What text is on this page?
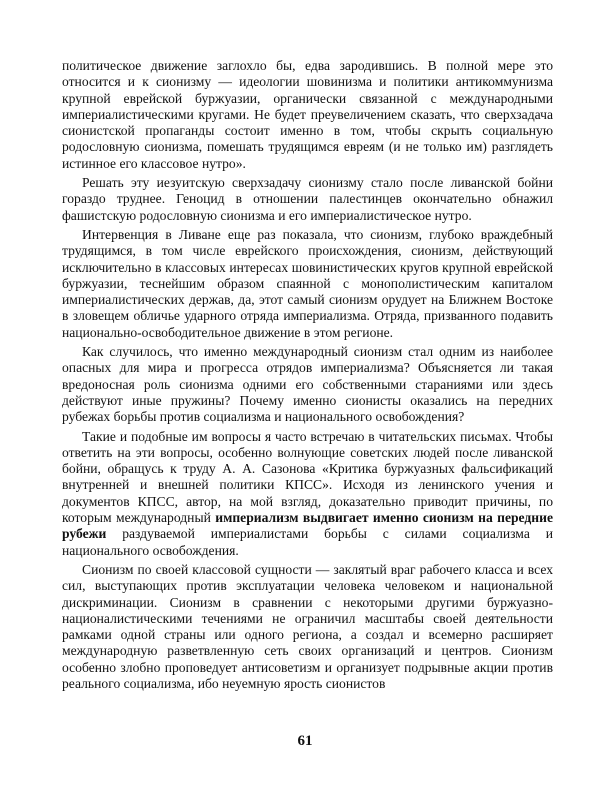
политическое движение заглохло бы, едва зародившись. В полной мере это относится и к сионизму — идеологии шовинизма и политики антикоммунизма крупной еврейской буржуазии, органически связанной с международными империалистическими кругами. Не будет преувеличением сказать, что сверхзадача сионистской пропаганды состоит именно в том, чтобы скрыть социальную родословную сионизма, помешать трудящимся евреям (и не только им) разглядеть истинное его классовое нутро».

Решать эту иезуитскую сверхзадачу сионизму стало после ливанской бойни гораздо труднее. Геноцид в отношении палестинцев окончательно обнажил фашистскую родословную сионизма и его империалистическое нутро.

Интервенция в Ливане еще раз показала, что сионизм, глубоко враждебный трудящимся, в том числе еврейского происхождения, сионизм, действующий исключительно в классовых интересах шовинистических кругов крупной еврейской буржуазии, теснейшим образом спаянной с монополистическим капиталом империалистических держав, да, этот самый сионизм орудует на Ближнем Востоке в зловещем обличье ударного отряда империализма. Отряда, призванного подавить национально-освободительное движение в этом регионе.

Как случилось, что именно международный сионизм стал одним из наиболее опасных для мира и прогресса отрядов империализма? Объясняется ли такая вредоносная роль сионизма одними его собственными стараниями или здесь действуют иные пружины? Почему именно сионисты оказались на передних рубежах борьбы против социализма и национального освобождения?

Такие и подобные им вопросы я часто встречаю в читательских письмах. Чтобы ответить на эти вопросы, особенно волнующие советских людей после ливанской бойни, обращусь к труду А. А. Сазонова «Критика буржуазных фальсификаций внутренней и внешней политики КПСС». Исходя из ленинского учения и документов КПСС, автор, на мой взгляд, доказательно приводит причины, по которым международный империализм выдвигает именно сионизм на передние рубежи раздуваемой империалистами борьбы с силами социализма и национального освобождения.

Сионизм по своей классовой сущности — заклятый враг рабочего класса и всех сил, выступающих против эксплуатации человека человеком и национальной дискриминации. Сионизм в сравнении с некоторыми другими буржуазно-националистическими течениями не ограничил масштабы своей деятельности рамками одной страны или одного региона, а создал и всемерно расширяет международную разветвленную сеть своих организаций и центров. Сионизм особенно злобно проповедует антисоветизм и организует подрывные акции против реального социализма, ибо неуемную ярость сионистов

61
